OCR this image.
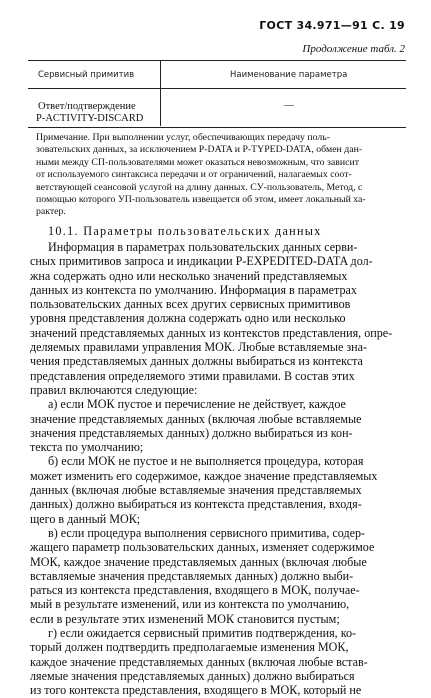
ГОСТ 34.971—91 С. 19
Продолжение табл. 2
Сервисный примитив	Наименование параметра
Ответ/подтверждение
P-ACTIVITY-DISCARD
—
Примечание. При выполнении услуг, обеспечивающих передачу поль-
зовательских данных, за исключением P-DATA и P-TYPED-DATA, обмен дан-
ными между СП-пользователями может оказаться невозможным, что зависит
от используемого синтаксиса передачи и от ограничений, налагаемых соот-
ветствующей сеансовой услугой на длину данных. СУ-пользователь, Метод, с
помощью которого УП-пользователь извещается об этом, имеет локальный ха-
рактер.
10.1. Параметры пользовательских данных
Информация в параметрах пользовательских данных серви-
сных примитивов запроса и индикации P-EXPEDITED-DATA дол-
жна содержать одно или несколько значений представляемых
данных из контекста по умолчанию. Информация в параметрах
пользовательских данных всех других сервисных примитивов
уровня представления должна содержать одно или несколько
значений представляемых данных из контекстов представления, опре-
деляемых правилами управления МОК. Любые вставляемые зна-
чения представляемых данных должны выбираться из контекста
представления определяемого этими правилами. В состав этих
правил включаются следующие:
а) если МОК пустое и перечисление не действует, каждое
значение представляемых данных (включая любые вставляемые
значения представляемых данных) должно выбираться из кон-
текста по умолчанию;
б) если МОК не пустое и не выполняется процедура, которая
может изменить его содержимое, каждое значение представляемых
данных (включая любые вставляемые значения представляемых
данных) должно выбираться из контекста представления, входя-
щего в данный МОК;
в) если процедура выполнения сервисного примитива, содер-
жащего параметр пользовательских данных, изменяет содержимое
МОК, каждое значение представляемых данных (включая любые
вставляемые значения представляемых данных) должно выби-
раться из контекста представления, входящего в МОК, получае-
мый в результате изменений, или из контекста по умолчанию,
если в результате этих изменений МОК становится пустым;
г) если ожидается сервисный примитив подтверждения, ко-
торый должен подтвердить предполагаемые изменения МОК,
каждое значение представляемых данных (включая любые встав-
ляемые значения представляемых данных) должно выбираться
из того контекста представления, входящего в МОК, который не
